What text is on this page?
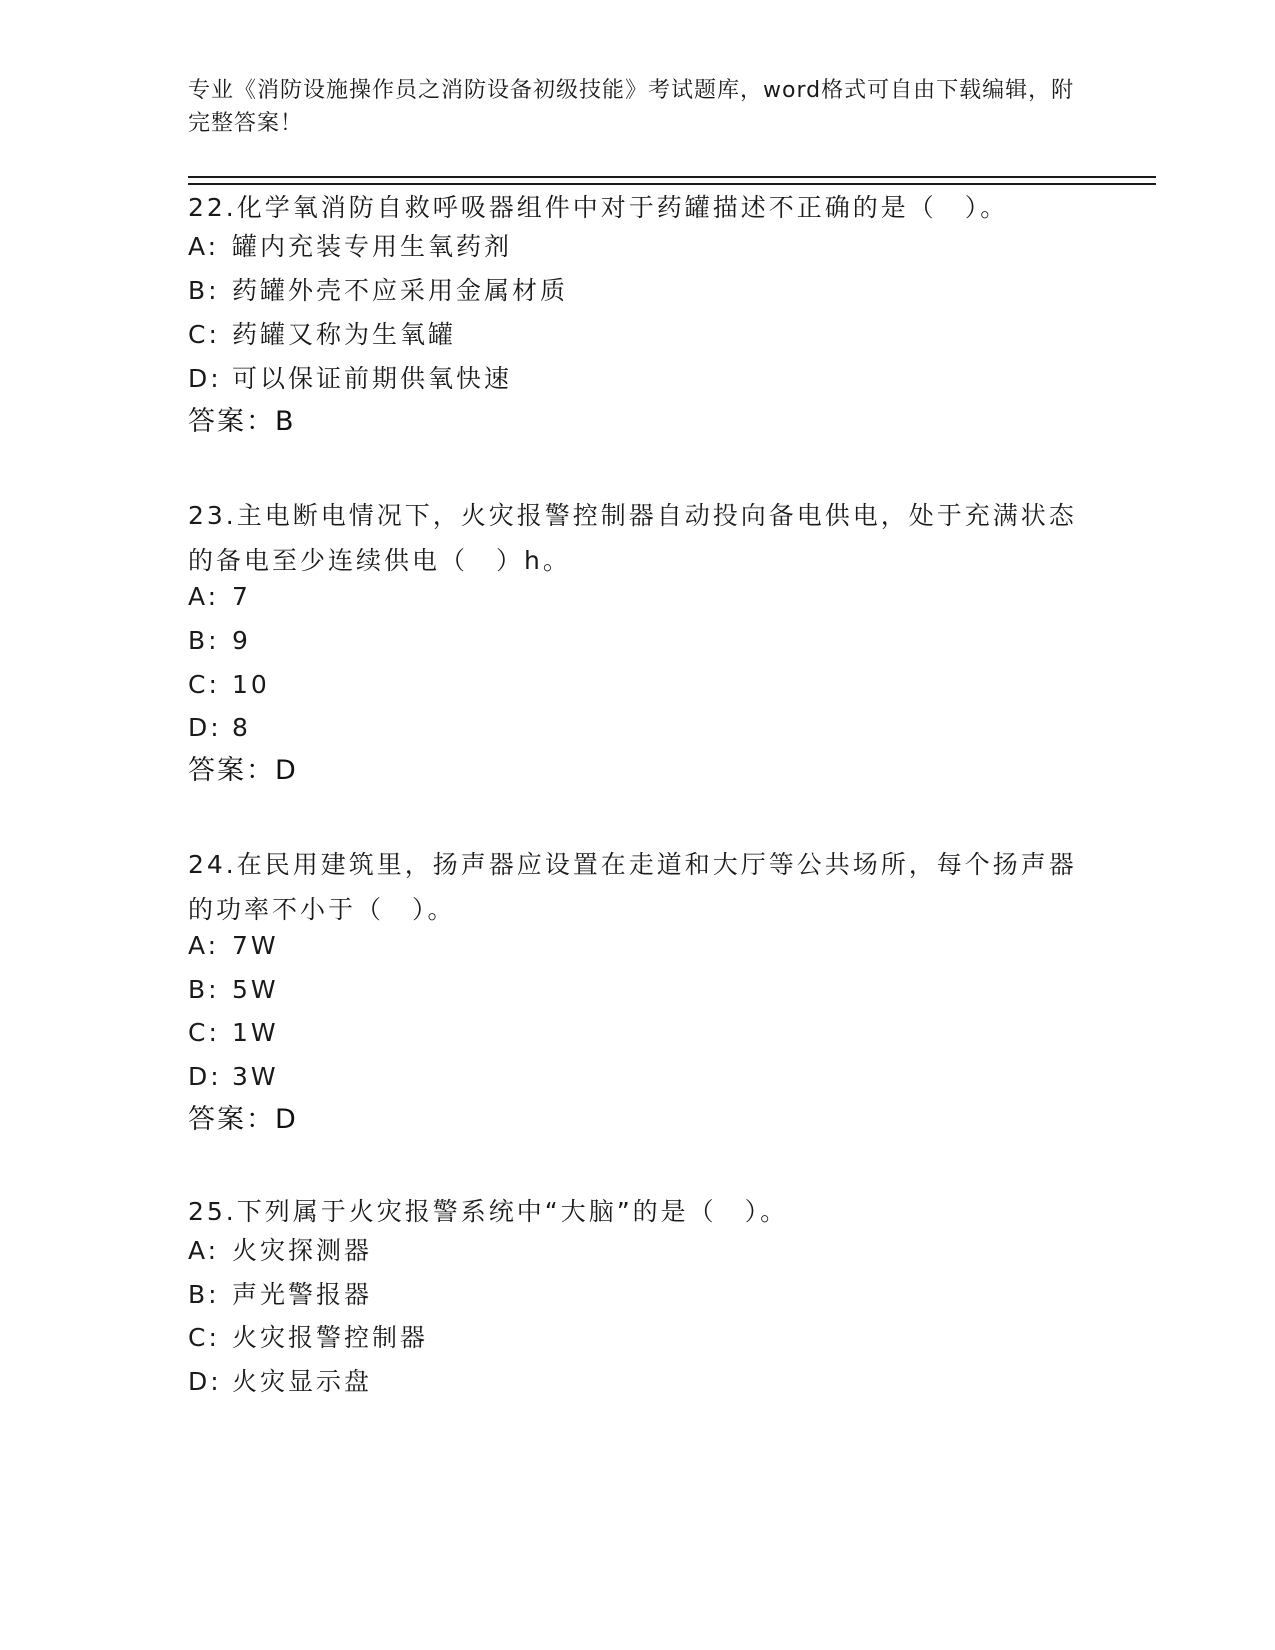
专业《消防设施操作员之消防设备初级技能》考试题库，word格式可自由下载编辑，附完整答案！
22.化学氧消防自救呼吸器组件中对于药罐描述不正确的是（　）。
A: 罐内充装专用生氧药剂
B: 药罐外壳不应采用金属材质
C: 药罐又称为生氧罐
D: 可以保证前期供氧快速
答案：B
23.主电断电情况下，火灾报警控制器自动投向备电供电，处于充满状态的备电至少连续供电（　）h。
A: 7
B: 9
C: 10
D: 8
答案：D
24.在民用建筑里，扬声器应设置在走道和大厅等公共场所，每个扬声器的功率不小于（　）。
A: 7W
B: 5W
C: 1W
D: 3W
答案：D
25.下列属于火灾报警系统中“大脑”的是（　）。
A: 火灾探测器
B: 声光警报器
C: 火灾报警控制器
D: 火灾显示盘
